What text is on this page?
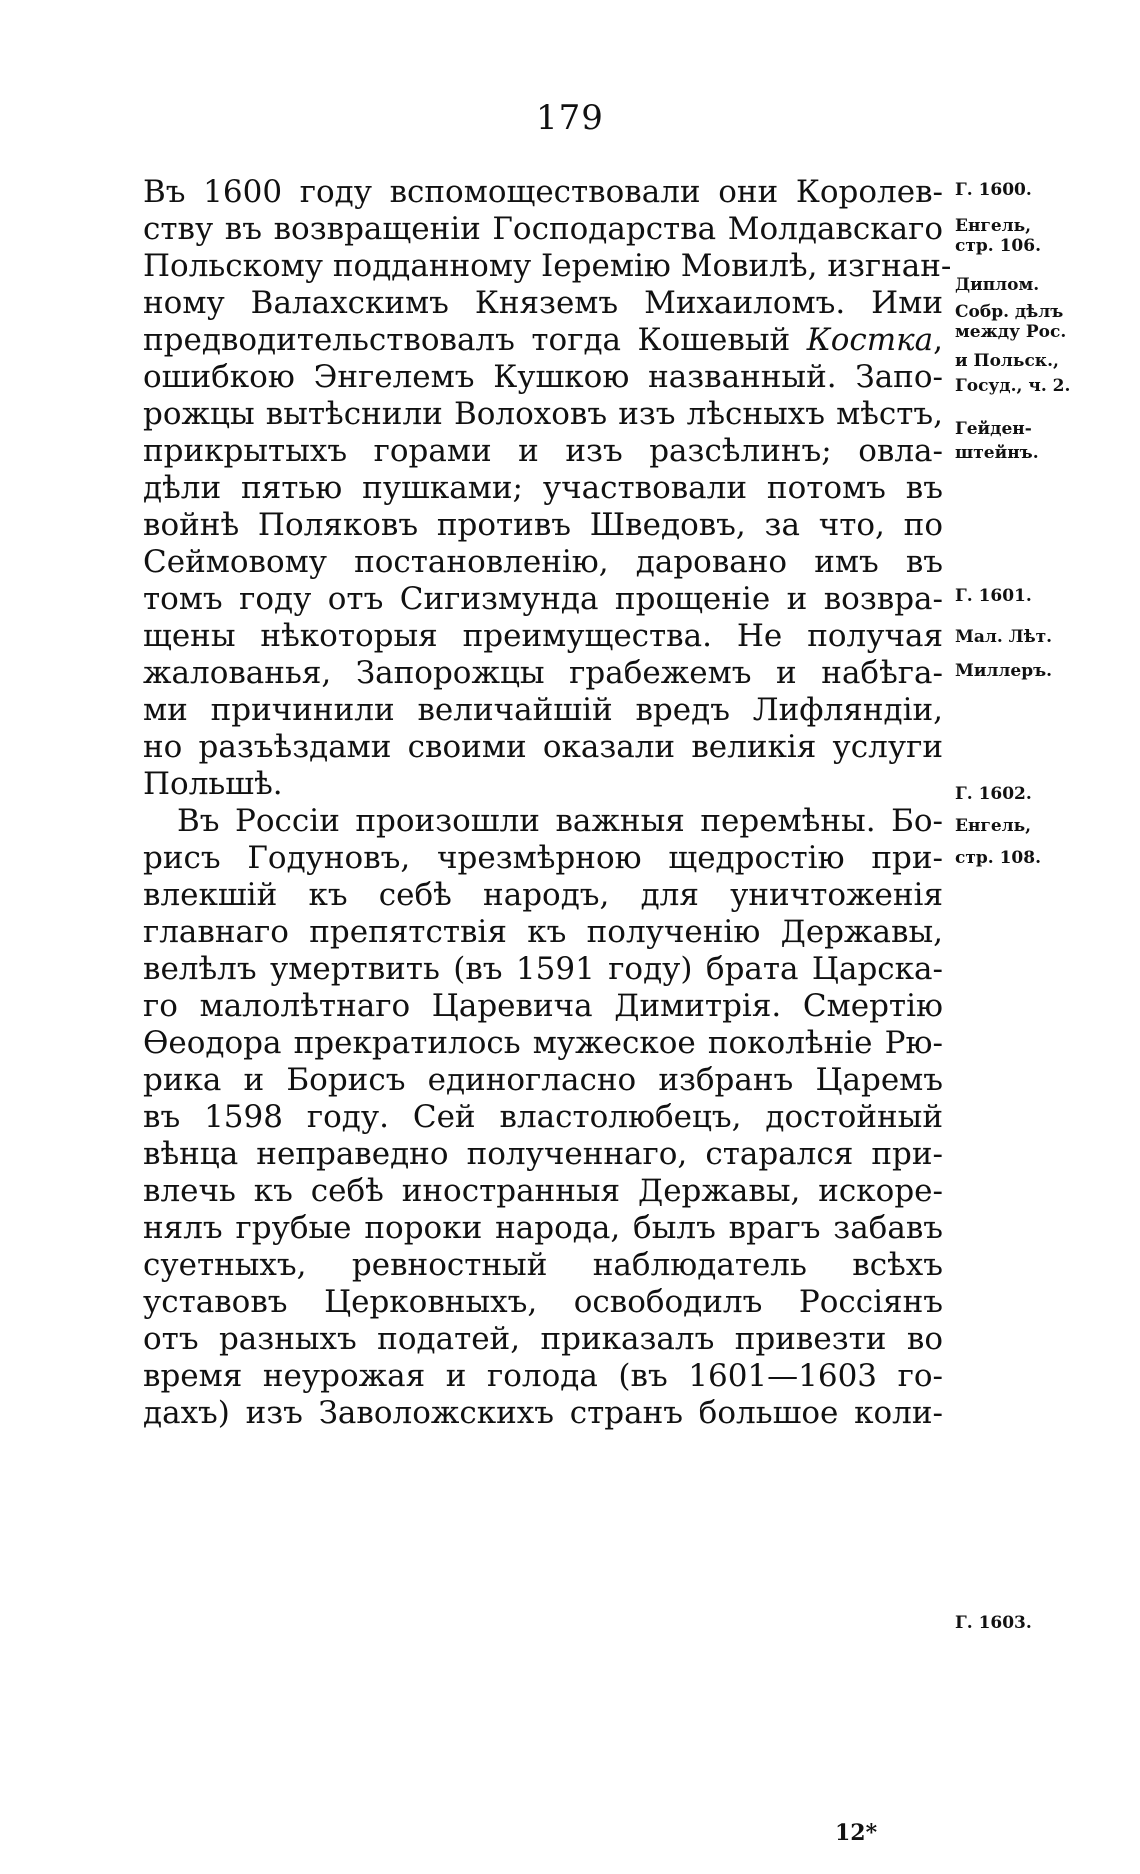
179
Въ 1600 году вспомоществовали они Королев-
ству въ возвращеніи Господарства Молдавскаго
Польскому подданному Іеремію Мовилѣ, изгнан-
ному Валахскимъ Княземъ Михаиломъ. Ими
предводительствовалъ тогда Кошевый Костка,
ошибкою Энгелемъ Кушкою названный. Запо-
рожцы вытѣснили Волоховъ изъ лѣсныхъ мѣстъ,
прикрытыхъ горами и изъ разсѣлинъ; овла-
дѣли пятью пушками; участвовали потомъ въ
войнѣ Поляковъ противъ Шведовъ, за что, по
Сеймовому постановленію, даровано имъ въ
томъ году отъ Сигизмунда прощеніе и возвра-
щены нѣкоторыя преимущества. Не получая
жалованья, Запорожцы грабежемъ и набѣга-
ми причинили величайшій вредъ Лифляндіи,
но разъѣздами своими оказали великія услуги
Польшѣ.
Въ Россіи произошли важныя перемѣны. Бо-
рисъ Годуновъ, чрезмѣрною щедростію при-
влекшій къ себѣ народъ, для уничтоженія
главнаго препятствія къ полученію Державы,
велѣлъ умертвить (въ 1591 году) брата Царска-
го малолѣтнаго Царевича Димитрія. Смертію
Ѳеодора прекратилось мужеское поколѣніе Рю-
рика и Борисъ единогласно избранъ Царемъ
въ 1598 году. Сей властолюбецъ, достойный
вѣнца неправедно полученнаго, старался при-
влечь къ себѣ иностранныя Державы, искоре-
нялъ грубые пороки народа, былъ врагъ забавъ
суетныхъ, ревностный наблюдатель всѣхъ
уставовъ Церковныхъ, освободилъ Россіянъ
отъ разныхъ податей, приказалъ привезти во
время неурожая и голода (въ 1601—1603 го-
дахъ) изъ Заволожскихъ странъ большое коли-
Г. 1600.
Енгель,
стр. 106.
Диплом.
Собр. дѣлъ
между Рос.
и Польск.,
Госуд., ч. 2.
Гейден-
штейнъ.
Г. 1601.
Мал. Лѣт.
Миллеръ.
Г. 1602.
Енгель,
стр. 108.
Г. 1603.
12*
